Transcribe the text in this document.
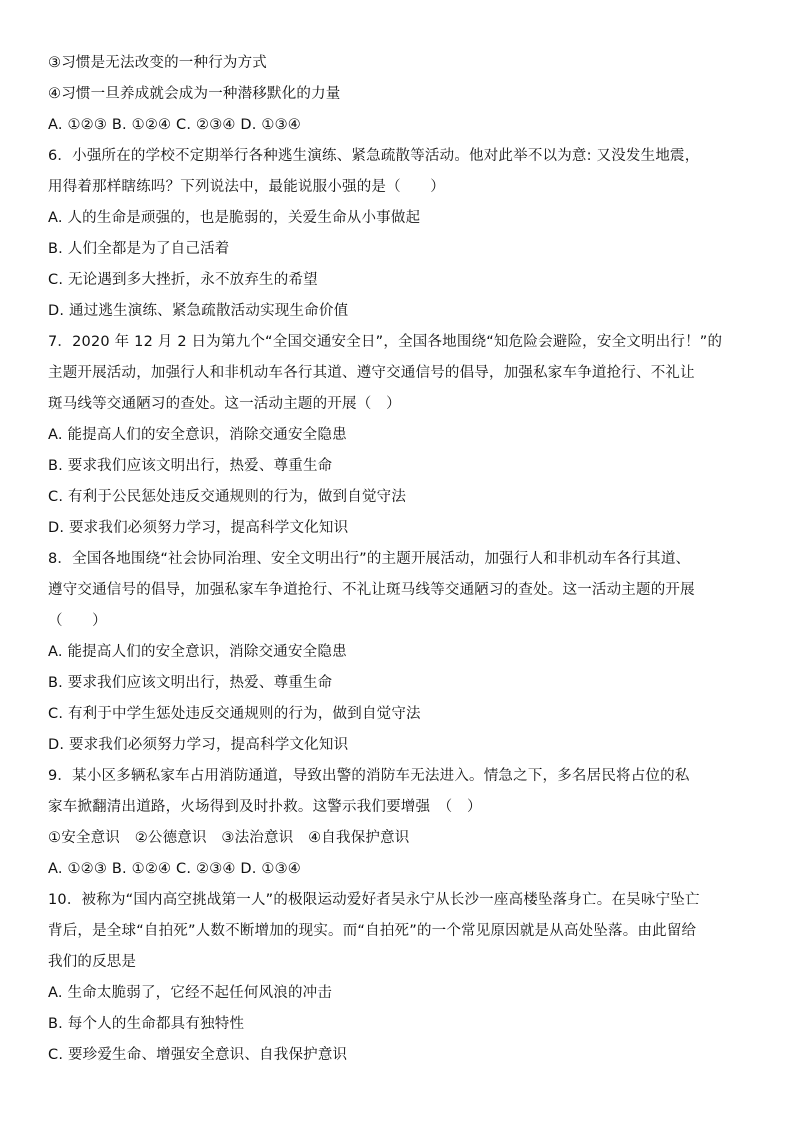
③习惯是无法改变的一种行为方式
④习惯一旦养成就会成为一种潜移默化的力量
A. ①②③ B. ①②④ C. ②③④ D. ①③④
6．小强所在的学校不定期举行各种逃生演练、紧急疏散等活动。他对此举不以为意: 又没发生地震，
用得着那样瞎练吗？下列说法中，最能说服小强的是（　　）
A. 人的生命是顽强的，也是脆弱的，关爱生命从小事做起
B. 人们全都是为了自己活着
C. 无论遇到多大挫折，永不放弃生的希望
D. 通过逃生演练、紧急疏散活动实现生命价值
7．2020 年 12 月 2 日为第九个“全国交通安全日”，全国各地围绕“知危险会避险，安全文明出行！”的
主题开展活动，加强行人和非机动车各行其道、遵守交通信号的倡导，加强私家车争道抢行、不礼让
斑马线等交通陋习的查处。这一活动主题的开展（　）
A. 能提高人们的安全意识，消除交通安全隐患
B. 要求我们应该文明出行，热爱、尊重生命
C. 有利于公民惩处违反交通规则的行为，做到自觉守法
D. 要求我们必须努力学习，提高科学文化知识
8．全国各地围绕“社会协同治理、安全文明出行”的主题开展活动，加强行人和非机动车各行其道、
遵守交通信号的倡导，加强私家车争道抢行、不礼让斑马线等交通陋习的查处。这一活动主题的开展
（　　）
A. 能提高人们的安全意识，消除交通安全隐患
B. 要求我们应该文明出行，热爱、尊重生命
C. 有利于中学生惩处违反交通规则的行为，做到自觉守法
D. 要求我们必须努力学习，提高科学文化知识
9．某小区多辆私家车占用消防通道，导致出警的消防车无法进入。情急之下，多名居民将占位的私
家车掀翻清出道路，火场得到及时扑救。这警示我们要增强　（　）
①安全意识　②公德意识　③法治意识　④自我保护意识
A. ①②③ B. ①②④ C. ②③④ D. ①③④
10．被称为“国内高空挑战第一人”的极限运动爱好者吴永宁从长沙一座高楼坠落身亡。在吴咏宁坠亡
背后，是全球“自拍死”人数不断增加的现实。而“自拍死”的一个常见原因就是从高处坠落。由此留给
我们的反思是
A. 生命太脆弱了，它经不起任何风浪的冲击
B. 每个人的生命都具有独特性
C. 要珍爱生命、增强安全意识、自我保护意识
